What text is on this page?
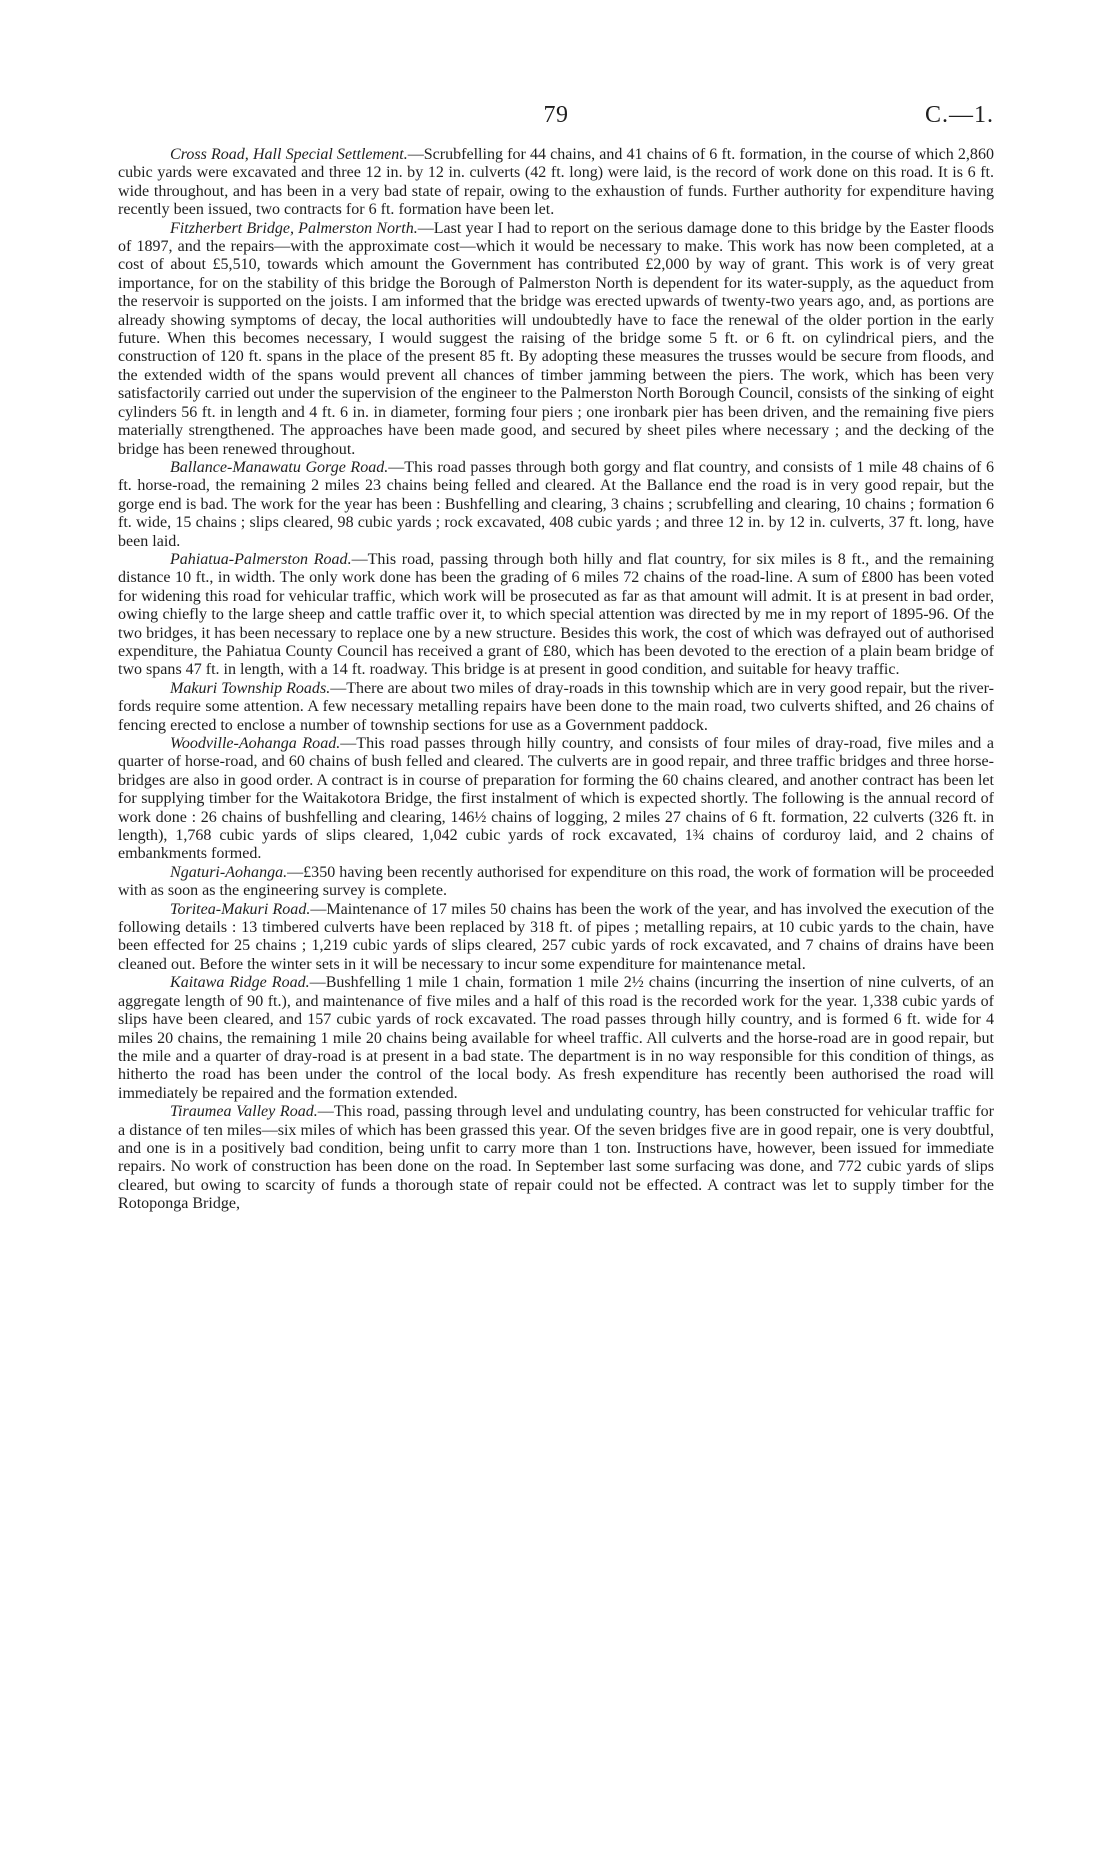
79	C.—1.

Cross Road, Hall Special Settlement.—Scrubfelling for 44 chains, and 41 chains of 6 ft. formation, in the course of which 2,860 cubic yards were excavated and three 12 in. by 12 in. culverts (42 ft. long) were laid, is the record of work done on this road. It is 6 ft. wide throughout, and has been in a very bad state of repair, owing to the exhaustion of funds. Further authority for expenditure having recently been issued, two contracts for 6 ft. formation have been let.

Fitzherbert Bridge, Palmerston North.—Last year I had to report on the serious damage done to this bridge by the Easter floods of 1897, and the repairs—with the approximate cost—which it would be necessary to make. This work has now been completed, at a cost of about £5,510, towards which amount the Government has contributed £2,000 by way of grant. This work is of very great importance, for on the stability of this bridge the Borough of Palmerston North is dependent for its water-supply, as the aqueduct from the reservoir is supported on the joists. I am informed that the bridge was erected upwards of twenty-two years ago, and, as portions are already showing symptoms of decay, the local authorities will undoubtedly have to face the renewal of the older portion in the early future. When this becomes necessary, I would suggest the raising of the bridge some 5 ft. or 6 ft. on cylindrical piers, and the construction of 120 ft. spans in the place of the present 85 ft. By adopting these measures the trusses would be secure from floods, and the extended width of the spans would prevent all chances of timber jamming between the piers. The work, which has been very satisfactorily carried out under the supervision of the engineer to the Palmerston North Borough Council, consists of the sinking of eight cylinders 56 ft. in length and 4 ft. 6 in. in diameter, forming four piers ; one ironbark pier has been driven, and the remaining five piers materially strengthened. The approaches have been made good, and secured by sheet piles where necessary ; and the decking of the bridge has been renewed throughout.

Ballance-Manawatu Gorge Road.—This road passes through both gorgy and flat country, and consists of 1 mile 48 chains of 6 ft. horse-road, the remaining 2 miles 23 chains being felled and cleared. At the Ballance end the road is in very good repair, but the gorge end is bad. The work for the year has been : Bushfelling and clearing, 3 chains ; scrubfelling and clearing, 10 chains ; formation 6 ft. wide, 15 chains ; slips cleared, 98 cubic yards ; rock excavated, 408 cubic yards ; and three 12 in. by 12 in. culverts, 37 ft. long, have been laid.

Pahiatua-Palmerston Road.—This road, passing through both hilly and flat country, for six miles is 8 ft., and the remaining distance 10 ft., in width. The only work done has been the grading of 6 miles 72 chains of the road-line. A sum of £800 has been voted for widening this road for vehicular traffic, which work will be prosecuted as far as that amount will admit. It is at present in bad order, owing chiefly to the large sheep and cattle traffic over it, to which special attention was directed by me in my report of 1895-96. Of the two bridges, it has been necessary to replace one by a new structure. Besides this work, the cost of which was defrayed out of authorised expenditure, the Pahiatua County Council has received a grant of £80, which has been devoted to the erection of a plain beam bridge of two spans 47 ft. in length, with a 14 ft. roadway. This bridge is at present in good condition, and suitable for heavy traffic.

Makuri Township Roads.—There are about two miles of dray-roads in this township which are in very good repair, but the river-fords require some attention. A few necessary metalling repairs have been done to the main road, two culverts shifted, and 26 chains of fencing erected to enclose a number of township sections for use as a Government paddock.

Woodville-Aohanga Road.—This road passes through hilly country, and consists of four miles of dray-road, five miles and a quarter of horse-road, and 60 chains of bush felled and cleared. The culverts are in good repair, and three traffic bridges and three horse-bridges are also in good order. A contract is in course of preparation for forming the 60 chains cleared, and another contract has been let for supplying timber for the Waitakotora Bridge, the first instalment of which is expected shortly. The following is the annual record of work done : 26 chains of bushfelling and clearing, 146½ chains of logging, 2 miles 27 chains of 6 ft. formation, 22 culverts (326 ft. in length), 1,768 cubic yards of slips cleared, 1,042 cubic yards of rock excavated, 1¾ chains of corduroy laid, and 2 chains of embankments formed.

Ngaturi-Aohanga.—£350 having been recently authorised for expenditure on this road, the work of formation will be proceeded with as soon as the engineering survey is complete.

Toritea-Makuri Road.—Maintenance of 17 miles 50 chains has been the work of the year, and has involved the execution of the following details : 13 timbered culverts have been replaced by 318 ft. of pipes ; metalling repairs, at 10 cubic yards to the chain, have been effected for 25 chains ; 1,219 cubic yards of slips cleared, 257 cubic yards of rock excavated, and 7 chains of drains have been cleaned out. Before the winter sets in it will be necessary to incur some expenditure for maintenance metal.

Kaitawa Ridge Road.—Bushfelling 1 mile 1 chain, formation 1 mile 2½ chains (incurring the insertion of nine culverts, of an aggregate length of 90 ft.), and maintenance of five miles and a half of this road is the recorded work for the year. 1,338 cubic yards of slips have been cleared, and 157 cubic yards of rock excavated. The road passes through hilly country, and is formed 6 ft. wide for 4 miles 20 chains, the remaining 1 mile 20 chains being available for wheel traffic. All culverts and the horse-road are in good repair, but the mile and a quarter of dray-road is at present in a bad state. The department is in no way responsible for this condition of things, as hitherto the road has been under the control of the local body. As fresh expenditure has recently been authorised the road will immediately be repaired and the formation extended.

Tiraumea Valley Road.—This road, passing through level and undulating country, has been constructed for vehicular traffic for a distance of ten miles—six miles of which has been grassed this year. Of the seven bridges five are in good repair, one is very doubtful, and one is in a positively bad condition, being unfit to carry more than 1 ton. Instructions have, however, been issued for immediate repairs. No work of construction has been done on the road. In September last some surfacing was done, and 772 cubic yards of slips cleared, but owing to scarcity of funds a thorough state of repair could not be effected. A contract was let to supply timber for the Rotoponga Bridge,
